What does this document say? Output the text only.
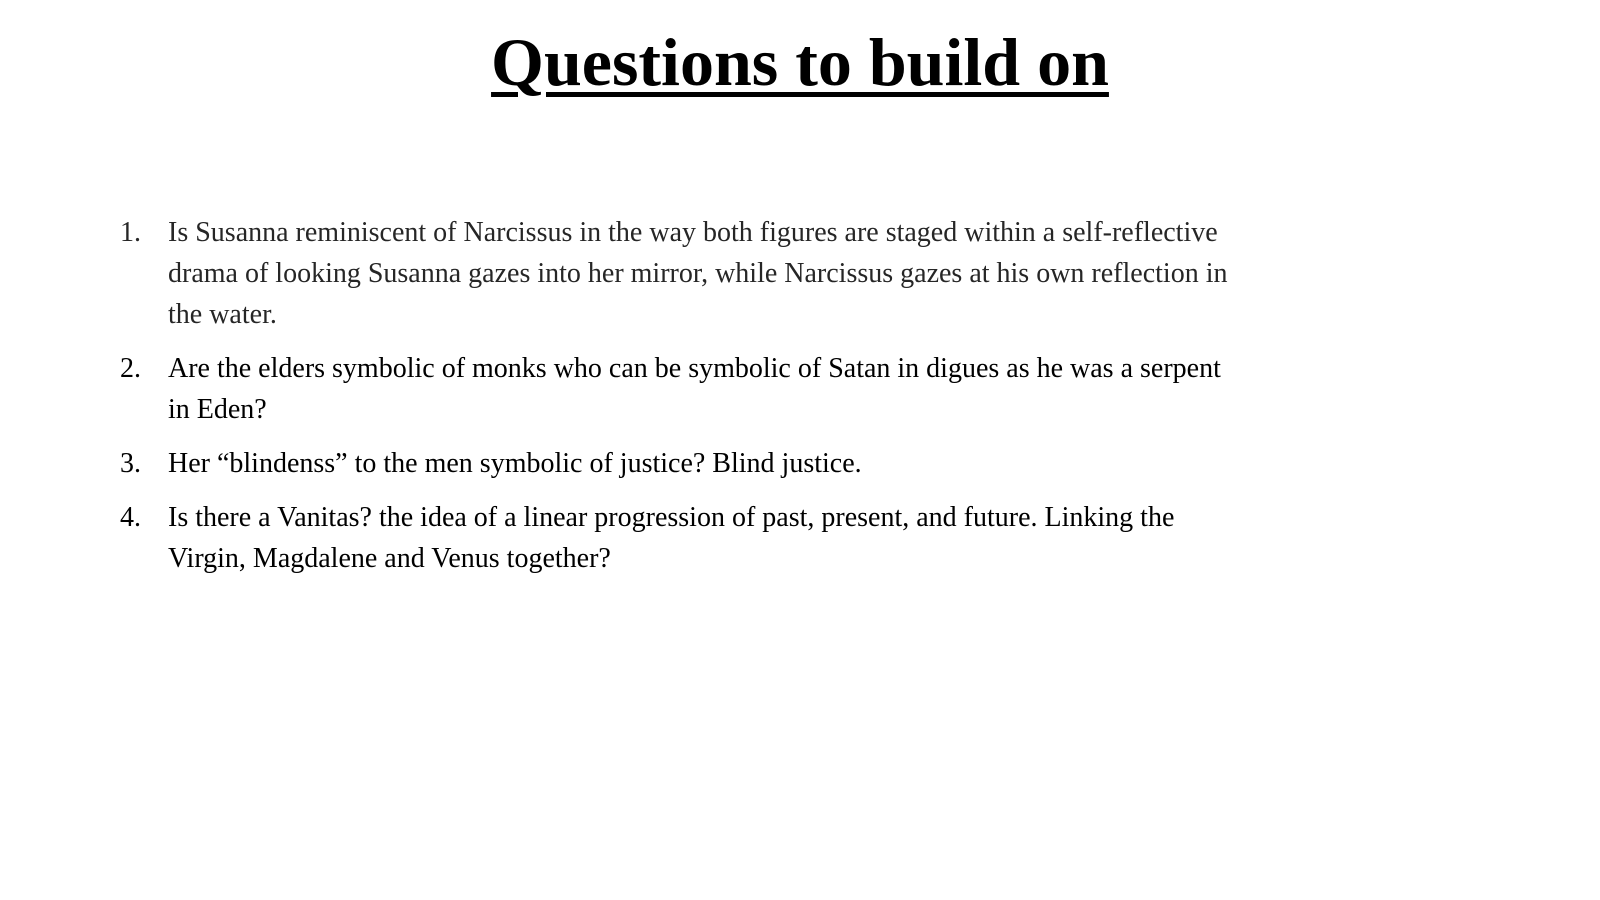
Questions to build on
1. Is Susanna reminiscent of Narcissus in the way both figures are staged within a self-reflective drama of looking Susanna gazes into her mirror, while Narcissus gazes at his own reflection in the water.
2. Are the elders symbolic of monks who can be symbolic of Satan in digues as he was a serpent in Eden?
3. Her “blindenss” to the men symbolic of justice? Blind justice.
4. Is there a Vanitas? the idea of a linear progression of past, present, and future. Linking the Virgin, Magdalene and Venus together?
